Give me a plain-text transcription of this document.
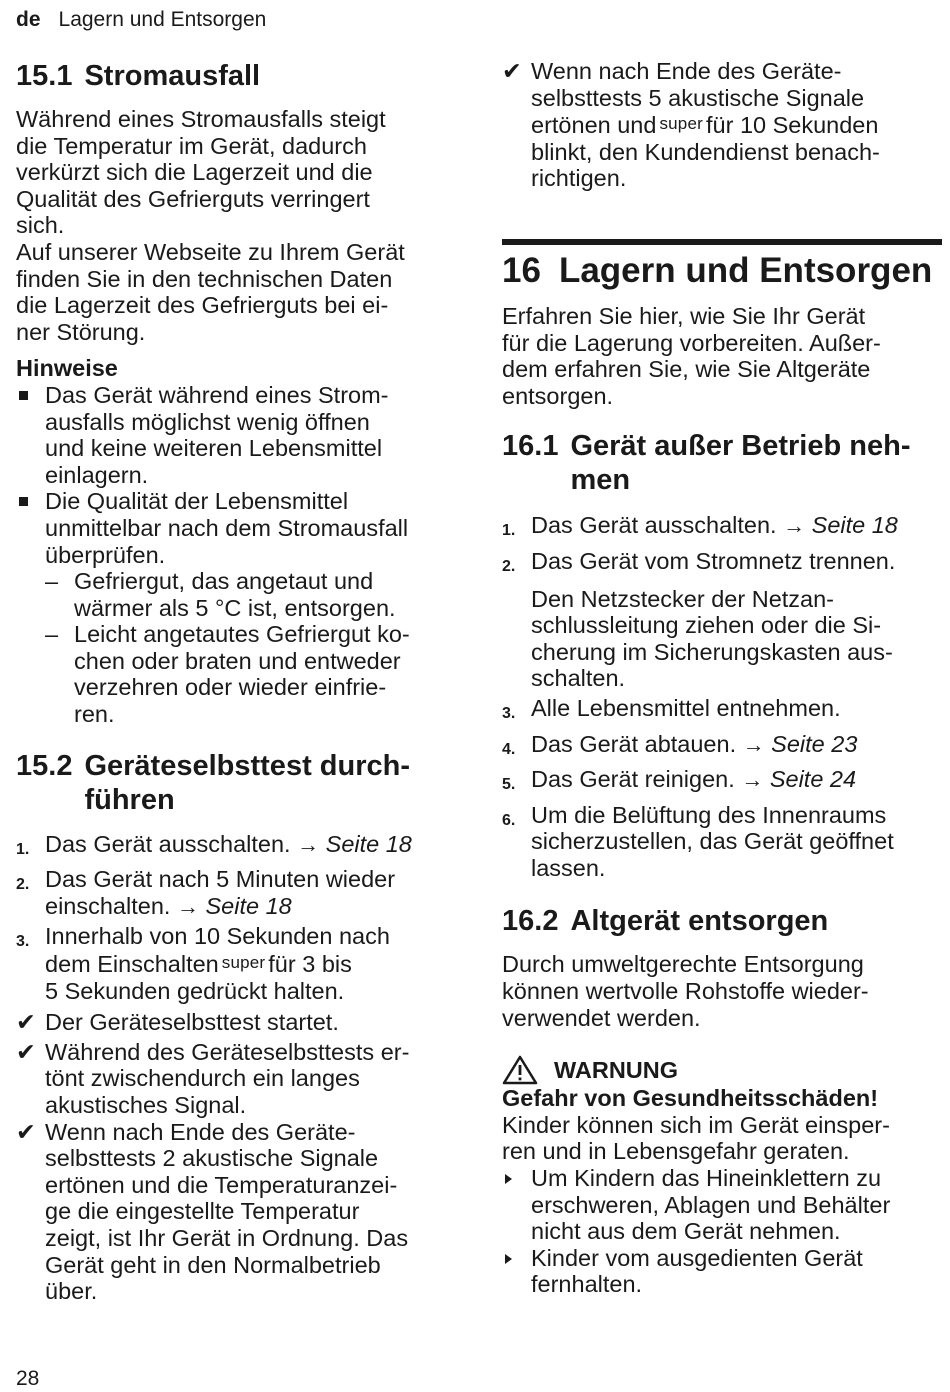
de Lagern und Entsorgen
15.1 Stromausfall
Während eines Stromausfalls steigt
die Temperatur im Gerät, dadurch
verkürzt sich die Lagerzeit und die
Qualität des Gefrierguts verringert
sich.
Auf unserer Webseite zu Ihrem Gerät
finden Sie in den technischen Daten
die Lagerzeit des Gefrierguts bei ei-
ner Störung.
Hinweise
Das Gerät während eines Strom-
ausfalls möglichst wenig öffnen
und keine weiteren Lebensmittel
einlagern.
Die Qualität der Lebensmittel
unmittelbar nach dem Stromausfall
überprüfen.
– Gefriergut, das angetaut und
wärmer als 5 °C ist, entsorgen.
– Leicht angetautes Gefriergut ko-
chen oder braten und entweder
verzehren oder wieder einfrie-
ren.
15.2 Geräteselbsttest durch-
führen
1. Das Gerät ausschalten. → Seite 18
2. Das Gerät nach 5 Minuten wieder
einschalten. → Seite 18
3. Innerhalb von 10 Sekunden nach
dem Einschalten super für 3 bis
5 Sekunden gedrückt halten.
✔ Der Geräteselbsttest startet.
✔ Während des Geräteselbsttests er-
tönt zwischendurch ein langes
akustisches Signal.
✔ Wenn nach Ende des Geräte-
selbsttests 2 akustische Signale
ertönen und die Temperaturanzei-
ge die eingestellte Temperatur
zeigt, ist Ihr Gerät in Ordnung. Das
Gerät geht in den Normalbetrieb
über.
✔ Wenn nach Ende des Geräte-
selbsttests 5 akustische Signale
ertönen und super für 10 Sekunden
blinkt, den Kundendienst benach-
richtigen.
16 Lagern und Entsorgen
Erfahren Sie hier, wie Sie Ihr Gerät
für die Lagerung vorbereiten. Außer-
dem erfahren Sie, wie Sie Altgeräte
entsorgen.
16.1 Gerät außer Betrieb neh-
men
1. Das Gerät ausschalten. → Seite 18
2. Das Gerät vom Stromnetz trennen.
Den Netzstecker der Netzan-
schlussleitung ziehen oder die Si-
cherung im Sicherungskasten aus-
schalten.
3. Alle Lebensmittel entnehmen.
4. Das Gerät abtauen. → Seite 23
5. Das Gerät reinigen. → Seite 24
6. Um die Belüftung des Innenraums
sicherzustellen, das Gerät geöffnet
lassen.
16.2 Altgerät entsorgen
Durch umweltgerechte Entsorgung
können wertvolle Rohstoffe wieder-
verwendet werden.
WARNUNG
Gefahr von Gesundheitsschäden!
Kinder können sich im Gerät einsper-
ren und in Lebensgefahr geraten.
Um Kindern das Hineinklettern zu
erschweren, Ablagen und Behälter
nicht aus dem Gerät nehmen.
Kinder vom ausgedienten Gerät
fernhalten.
28
